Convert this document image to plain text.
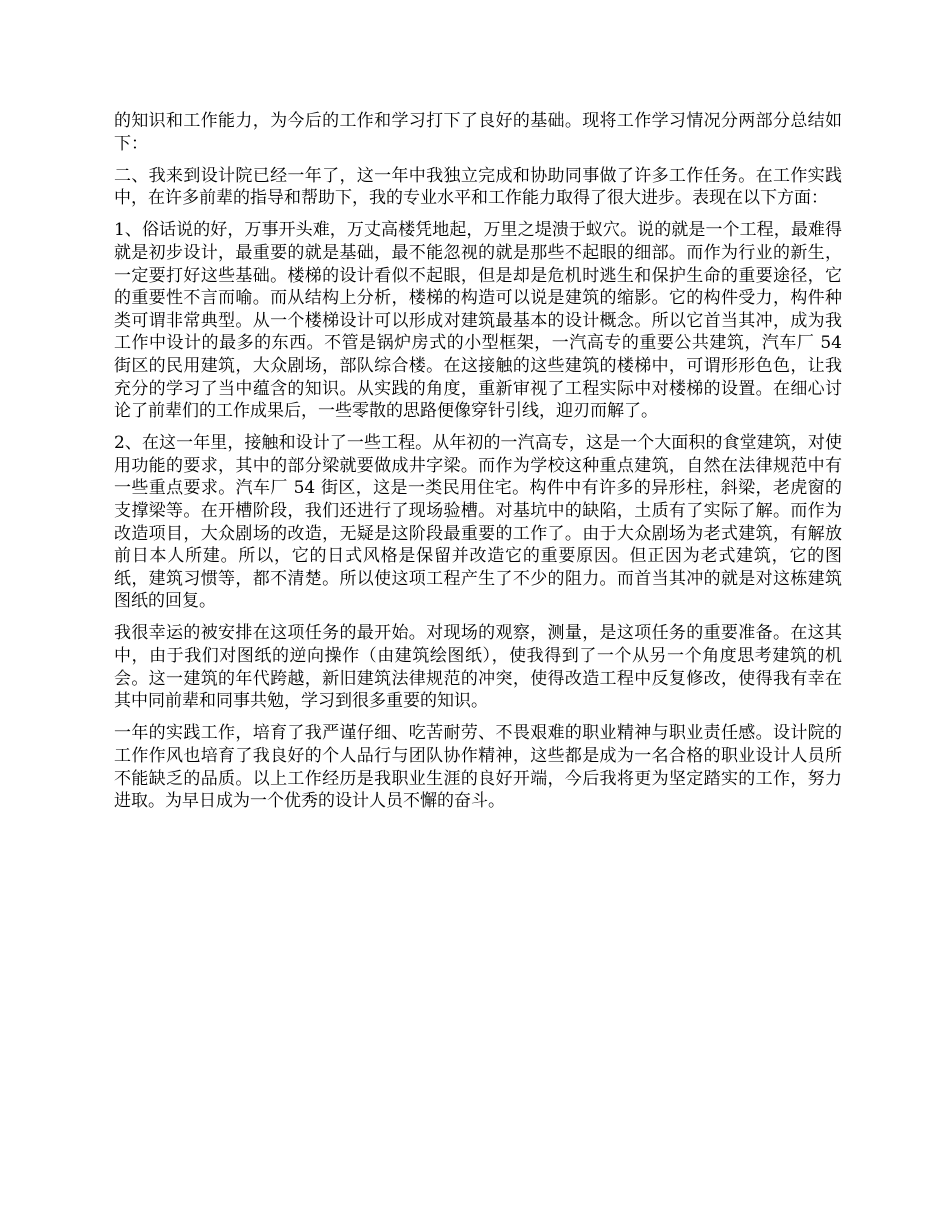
的知识和工作能力，为今后的工作和学习打下了良好的基础。现将工作学习情况分两部分总结如下：

二、我来到设计院已经一年了，这一年中我独立完成和协助同事做了许多工作任务。在工作实践中，在许多前辈的指导和帮助下，我的专业水平和工作能力取得了很大进步。表现在以下方面：

1、俗话说的好，万事开头难，万丈高楼凭地起，万里之堤溃于蚁穴。说的就是一个工程，最难得就是初步设计，最重要的就是基础，最不能忽视的就是那些不起眼的细部。而作为行业的新生，一定要打好这些基础。楼梯的设计看似不起眼，但是却是危机时逃生和保护生命的重要途径，它的重要性不言而喻。而从结构上分析，楼梯的构造可以说是建筑的缩影。它的构件受力，构件种类可谓非常典型。从一个楼梯设计可以形成对建筑最基本的设计概念。所以它首当其冲，成为我工作中设计的最多的东西。不管是锅炉房式的小型框架，一汽高专的重要公共建筑，汽车厂 54 街区的民用建筑，大众剧场，部队综合楼。在这接触的这些建筑的楼梯中，可谓形形色色，让我充分的学习了当中蕴含的知识。从实践的角度，重新审视了工程实际中对楼梯的设置。在细心讨论了前辈们的工作成果后，一些零散的思路便像穿针引线，迎刃而解了。

2、在这一年里，接触和设计了一些工程。从年初的一汽高专，这是一个大面积的食堂建筑，对使用功能的要求，其中的部分梁就要做成井字梁。而作为学校这种重点建筑，自然在法律规范中有一些重点要求。汽车厂 54 街区，这是一类民用住宅。构件中有许多的异形柱，斜梁，老虎窗的支撑梁等。在开槽阶段，我们还进行了现场验槽。对基坑中的缺陷，土质有了实际了解。而作为改造项目，大众剧场的改造，无疑是这阶段最重要的工作了。由于大众剧场为老式建筑，有解放前日本人所建。所以，它的日式风格是保留并改造它的重要原因。但正因为老式建筑，它的图纸，建筑习惯等，都不清楚。所以使这项工程产生了不少的阻力。而首当其冲的就是对这栋建筑图纸的回复。

我很幸运的被安排在这项任务的最开始。对现场的观察，测量，是这项任务的重要准备。在这其中，由于我们对图纸的逆向操作（由建筑绘图纸），使我得到了一个从另一个角度思考建筑的机会。这一建筑的年代跨越，新旧建筑法律规范的冲突，使得改造工程中反复修改，使得我有幸在其中同前辈和同事共勉，学习到很多重要的知识。

一年的实践工作，培育了我严谨仔细、吃苦耐劳、不畏艰难的职业精神与职业责任感。设计院的工作作风也培育了我良好的个人品行与团队协作精神，这些都是成为一名合格的职业设计人员所不能缺乏的品质。以上工作经历是我职业生涯的良好开端，今后我将更为坚定踏实的工作，努力进取。为早日成为一个优秀的设计人员不懈的奋斗。
